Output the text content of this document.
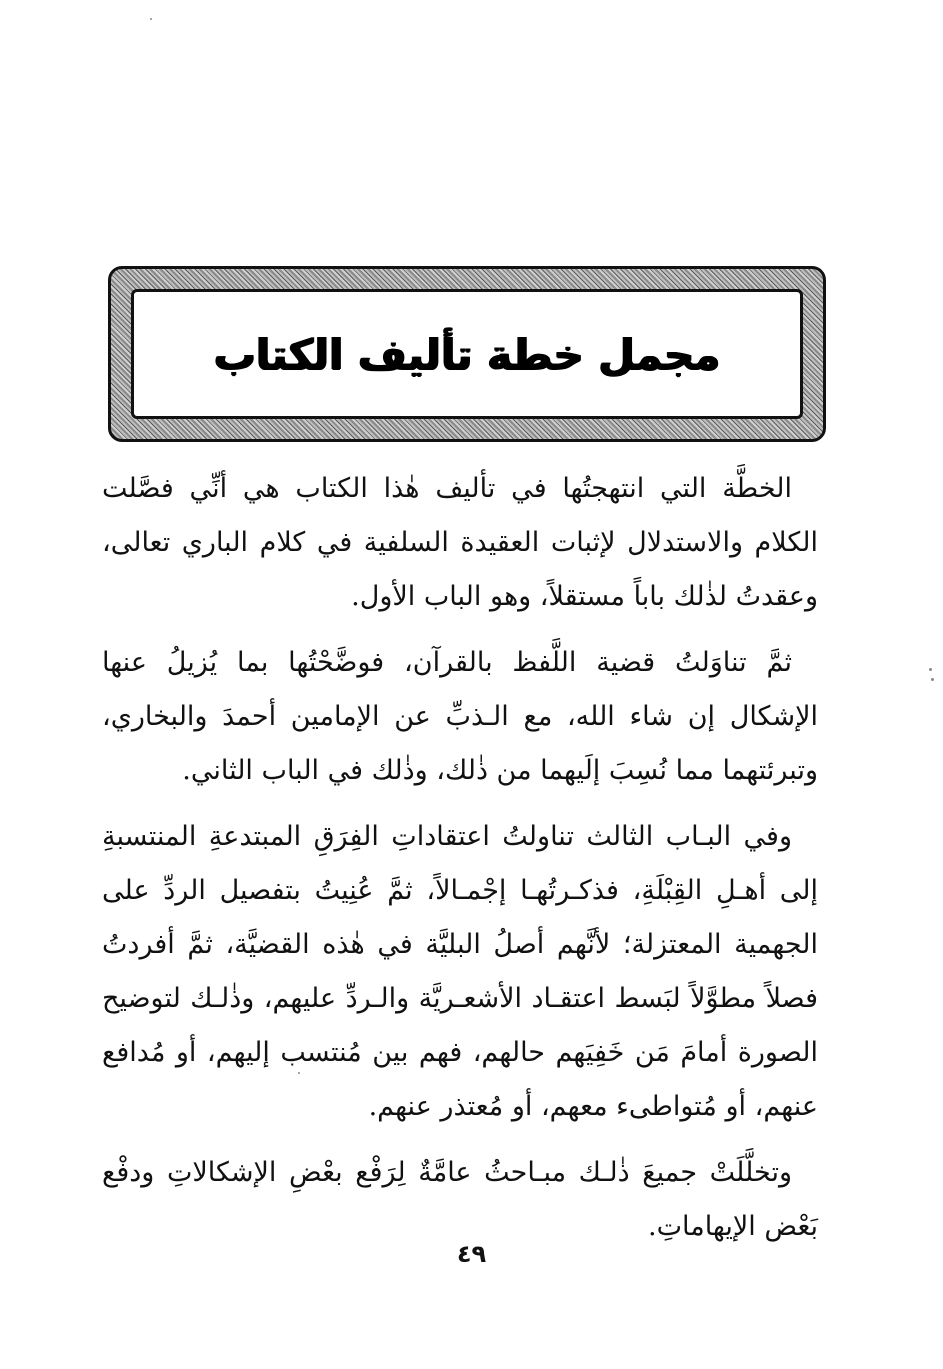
مجمل خطة تأليف الكتاب

الخطَّة التي انتهجتُها في تأليف هٰذا الكتاب هي أنِّي فصَّلت الكلام والاستدلال لإثبات العقيدة السلفية في كلام الباري تعالى، وعقدتُ لذٰلك باباً مستقلاً، وهو الباب الأول.

ثمَّ تناوَلتُ قضية اللَّفظ بالقرآن، فوضَّحْتُها بما يُزيلُ عنها الإشكال إن شاء الله، مع الـذبِّ عن الإمامين أحمدَ والبخاري، وتبرئتهما مما نُسِبَ إلَيهما من ذٰلك، وذٰلك في الباب الثاني.

وفي البـاب الثالث تناولتُ اعتقاداتِ الفِرَقِ المبتدعةِ المنتسبةِ إلى أهـلِ القِبْلَةِ، فذكـرتُهـا إجْمـالاً، ثمَّ عُنِيتُ بتفصيل الردِّ على الجهمية المعتزلة؛ لأنَّهم أصلُ البليَّة في هٰذه القضيَّة، ثمَّ أفردتُ فصلاً مطوَّلاً لبَسط اعتقـاد الأشعـريَّة والـردِّ عليهم، وذٰلـك لتوضيح الصورة أمامَ مَن خَفِيَهم حالهم، فهم بين مُنتسب إليهم، أو مُدافع عنهم، أو مُتواطىء معهم، أو مُعتذر عنهم.

وتخلَّلَتْ جميعَ ذٰلـك مبـاحثُ عامَّةٌ لِرَفْع بعْضِ الإشكالاتِ ودفْع بَعْض الإيهاماتِ.

٤٩
